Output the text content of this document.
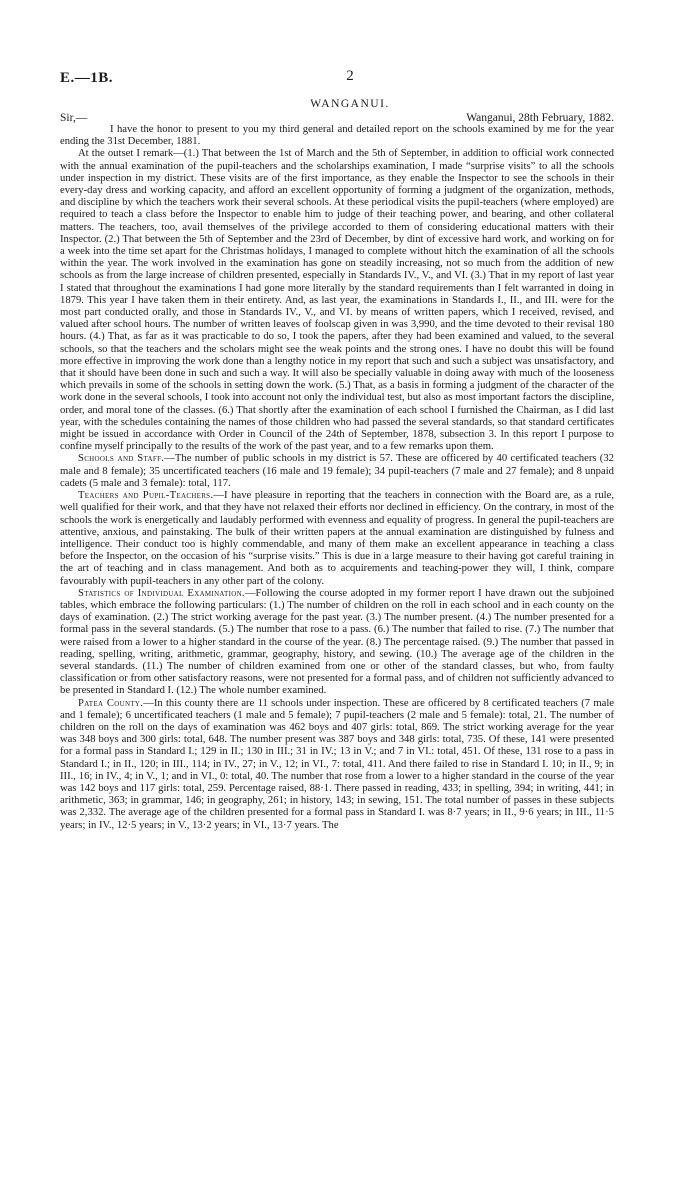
E.—1B.	2
WANGANUI.
Sir,—	Wanganui, 28th February, 1882.

I have the honor to present to you my third general and detailed report on the schools examined by me for the year ending the 31st December, 1881.

At the outset I remark—(1.) That between the 1st of March and the 5th of September, in addition to official work connected with the annual examination of the pupil-teachers and the scholarships examination, I made “surprise visits” to all the schools under inspection in my district. These visits are of the first importance, as they enable the Inspector to see the schools in their every-day dress and working capacity, and afford an excellent opportunity of forming a judgment of the organization, methods, and discipline by which the teachers work their several schools. At these periodical visits the pupil-teachers (where employed) are required to teach a class before the Inspector to enable him to judge of their teaching power, and bearing, and other collateral matters. The teachers, too, avail themselves of the privilege accorded to them of considering educational matters with their Inspector. (2.) That between the 5th of September and the 23rd of December, by dint of excessive hard work, and working on for a week into the time set apart for the Christmas holidays, I managed to complete without hitch the examination of all the schools within the year. The work involved in the examination has gone on steadily increasing, not so much from the addition of new schools as from the large increase of children presented, especially in Standards IV., V., and VI. (3.) That in my report of last year I stated that throughout the examinations I had gone more literally by the standard requirements than I felt warranted in doing in 1879. This year I have taken them in their entirety. And, as last year, the examinations in Standards I., II., and III. were for the most part conducted orally, and those in Standards IV., V., and VI. by means of written papers, which I received, revised, and valued after school hours. The number of written leaves of foolscap given in was 3,990, and the time devoted to their revisal 180 hours. (4.) That, as far as it was practicable to do so, I took the papers, after they had been examined and valued, to the several schools, so that the teachers and the scholars might see the weak points and the strong ones. I have no doubt this will be found more effective in improving the work done than a lengthy notice in my report that such and such a subject was unsatisfactory, and that it should have been done in such and such a way. It will also be specially valuable in doing away with much of the looseness which prevails in some of the schools in setting down the work. (5.) That, as a basis in forming a judgment of the character of the work done in the several schools, I took into account not only the individual test, but also as most important factors the discipline, order, and moral tone of the classes. (6.) That shortly after the examination of each school I furnished the Chairman, as I did last year, with the schedules containing the names of those children who had passed the several standards, so that standard certificates might be issued in accordance with Order in Council of the 24th of September, 1878, subsection 3. In this report I purpose to confine myself principally to the results of the work of the past year, and to a few remarks upon them.

Schools and Staff.—The number of public schools in my district is 57. These are officered by 40 certificated teachers (32 male and 8 female); 35 uncertificated teachers (16 male and 19 female); 34 pupil-teachers (7 male and 27 female); and 8 unpaid cadets (5 male and 3 female): total, 117.

Teachers and Pupil-Teachers.—I have pleasure in reporting that the teachers in connection with the Board are, as a rule, well qualified for their work, and that they have not relaxed their efforts nor declined in efficiency. On the contrary, in most of the schools the work is energetically and laudably performed with evenness and equality of progress. In general the pupil-teachers are attentive, anxious, and painstaking. The bulk of their written papers at the annual examination are distinguished by fulness and intelligence. Their conduct too is highly commendable, and many of them make an excellent appearance in teaching a class before the Inspector, on the occasion of his “surprise visits.” This is due in a large measure to their having got careful training in the art of teaching and in class management. And both as to acquirements and teaching-power they will, I think, compare favourably with pupil-teachers in any other part of the colony.

Statistics of Individual Examination.—Following the course adopted in my former report I have drawn out the subjoined tables, which embrace the following particulars: (1.) The number of children on the roll in each school and in each county on the days of examination. (2.) The strict working average for the past year. (3.) The number present. (4.) The number presented for a formal pass in the several standards. (5.) The number that rose to a pass. (6.) The number that failed to rise. (7.) The number that were raised from a lower to a higher standard in the course of the year. (8.) The percentage raised. (9.) The number that passed in reading, spelling, writing, arithmetic, grammar, geography, history, and sewing. (10.) The average age of the children in the several standards. (11.) The number of children examined from one or other of the standard classes, but who, from faulty classification or from other satisfactory reasons, were not presented for a formal pass, and of children not sufficiently advanced to be presented in Standard I. (12.) The whole number examined.

Patea County.—In this county there are 11 schools under inspection. These are officered by 8 certificated teachers (7 male and 1 female); 6 uncertificated teachers (1 male and 5 female); 7 pupil-teachers (2 male and 5 female): total, 21. The number of children on the roll on the days of examination was 462 boys and 407 girls: total, 869. The strict working average for the year was 348 boys and 300 girls: total, 648. The number present was 387 boys and 348 girls: total, 735. Of these, 141 were presented for a formal pass in Standard I.; 129 in II.; 130 in III.; 31 in IV.; 13 in V.; and 7 in VI.: total, 451. Of these, 131 rose to a pass in Standard I.; in II., 120; in III., 114; in IV., 27; in V., 12; in VI., 7: total, 411. And there failed to rise in Standard I. 10; in II., 9; in III., 16; in IV., 4; in V., 1; and in VI., 0: total, 40. The number that rose from a lower to a higher standard in the course of the year was 142 boys and 117 girls: total, 259. Percentage raised, 88·1. There passed in reading, 433; in spelling, 394; in writing, 441; in arithmetic, 363; in grammar, 146; in geography, 261; in history, 143; in sewing, 151. The total number of passes in these subjects was 2,332. The average age of the children presented for a formal pass in Standard I. was 8·7 years; in II., 9·6 years; in III., 11·5 years; in IV., 12·5 years; in V., 13·2 years; in VI., 13·7 years. The
